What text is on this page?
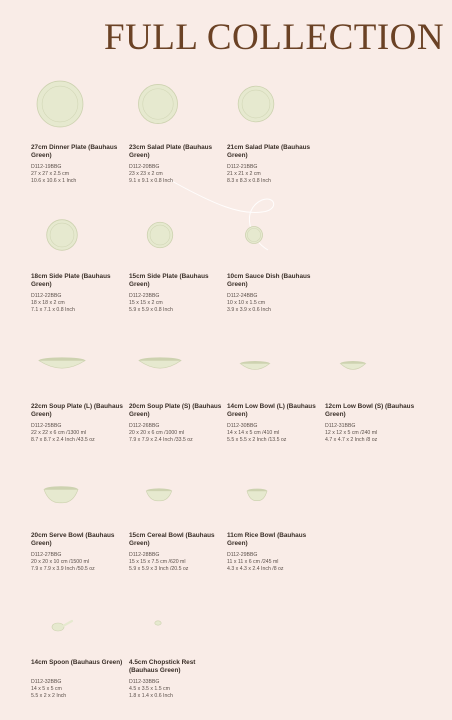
FULL COLLECTION
27cm Dinner Plate (Bauhaus Green)
D112-19BBG
27 x 27 x 2.5 cm
10.6 x 10.6 x 1 Inch
23cm Salad Plate (Bauhaus Green)
D112-20BBG
23 x 23 x 2 cm
9.1 x 9.1 x 0.8 Inch
21cm Salad Plate (Bauhaus Green)
D112-21BBG
21 x 21 x 2 cm
8.3 x 8.3 x 0.8 Inch
18cm Side Plate (Bauhaus Green)
D112-22BBG
18 x 18 x 2 cm
7.1 x 7.1 x 0.8 Inch
15cm Side Plate (Bauhaus Green)
D112-23BBG
15 x 15 x 2 cm
5.9 x 5.9 x 0.8 Inch
10cm Sauce Dish (Bauhaus Green)
D112-24BBG
10 x 10 x 1.5 cm
3.9 x 3.9 x 0.6 Inch
22cm Soup Plate (L) (Bauhaus Green)
D112-25BBG
22 x 22 x 6 cm /1300 ml
8.7 x 8.7 x 2.4 Inch /43.5 oz
20cm Soup Plate (S) (Bauhaus Green)
D112-26BBG
20 x 20 x 6 cm /1000 ml
7.9 x 7.9 x 2.4 Inch /33.5 oz
14cm Low Bowl (L) (Bauhaus Green)
D112-30BBG
14 x 14 x 5 cm /410 ml
5.5 x 5.5 x 2 Inch /13.5 oz
12cm Low Bowl (S) (Bauhaus Green)
D112-31BBG
12 x 12 x 5 cm /240 ml
4.7 x 4.7 x 2 Inch /8 oz
20cm Serve Bowl (Bauhaus Green)
D112-27BBG
20 x 20 x 10 cm /1500 ml
7.9 x 7.9 x 3.9 Inch /50.5 oz
15cm Cereal Bowl (Bauhaus Green)
D112-28BBG
15 x 15 x 7.5 cm /620 ml
5.9 x 5.9 x 3 Inch /20.5 oz
11cm Rice Bowl (Bauhaus Green)
D112-29BBG
11 x 11 x 6 cm /245 ml
4.3 x 4.3 x 2.4 Inch /8 oz
14cm Spoon (Bauhaus Green)
D112-32BBG
14 x 5 x 5 cm
5.5 x 2 x 2 Inch
4.5cm Chopstick Rest (Bauhaus Green)
D112-33BBG
4.5 x 3.5 x 1.5 cm
1.8 x 1.4 x 0.6 Inch
